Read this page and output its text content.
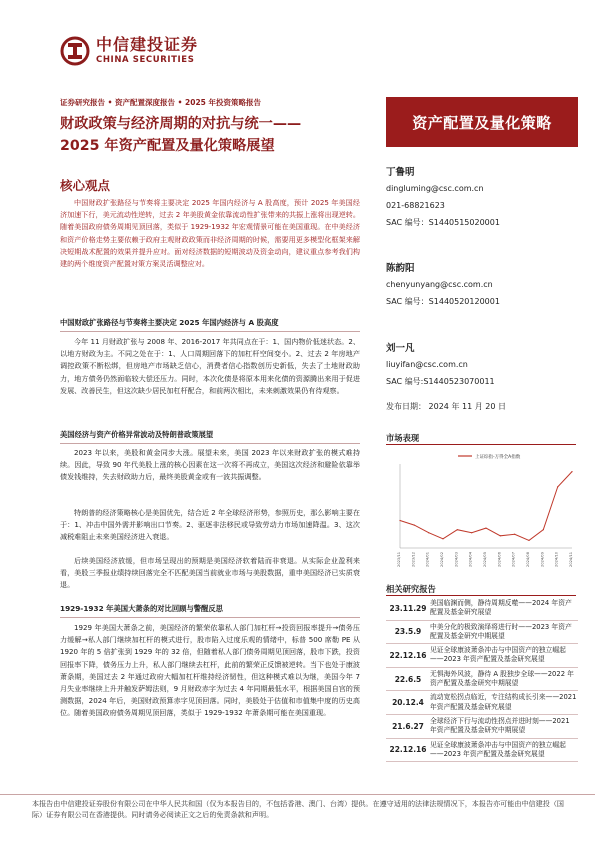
中信建投证券
CHINA SECURITIES
证券研究报告 • 资产配置深度报告 • 2025 年投资策略报告
财政政策与经济周期的对抗与统一——
2025 年资产配置及量化策略展望
资产配置及量化策略
核心观点
中国财政扩张路径与节奏将主要决定 2025 年国内经济与 A 股高度，预计 2025 年美国经济加速下行，美元流动性逆转，过去 2 年美股黄金依靠流动性扩张带来的共振上涨将出现逆转。随着美国政府债务周期见顶回落，类似于 1929-1932 年宏观情景可能在美国重现。在中美经济和资产价格走势主要依赖于政府主观财政政策而非经济周期的时候，需要用更多模型化框架来解决短期战术配置的效果并提升应对。面对经济数据的短期波动及资金动向，建议重点参考我们构建的两个维度资产配置对策方案灵活调整应对。
中国财政扩张路径与节奏将主要决定 2025 年国内经济与 A 股高度
今年 11 月财政扩张与 2008 年、2016-2017 年共同点在于：1、国内物价低迷状态。2、以地方财政为主。不同之处在于：1、人口周期回落下的加杠杆空间变小。2、过去 2 年房地产调控政策不断松绑，但房地产市场缺乏信心，消费者信心指数创历史新低，失去了土地财政助力，地方债务仍然面临较大偿还压力。同时，本次化债是将原本用来化债的资源腾出来用于促进发展、改善民生，但这次缺少居民加杠杆配合，和前两次相比，未来刺激效果仍有待观察。
美国经济与资产价格异常波动及特朗普政策展望
2023 年以来，美股和黄金同步大涨。展望未来，美国 2023 年以来财政扩张的模式难持续。因此，导致 90 年代美股上涨的核心因素在这一次将不再成立，美国这次经济和避险依靠举债发钱维持，失去财政助力后，最终美股黄金或有一波共振调整。
特朗普的经济策略核心是美国优先，结合近 2 年全球经济形势，参照历史，那么影响主要在于：1、冲击中国外需并影响出口节奏。2、驱逐非法移民或导致劳动力市场加速降温。3、这次减税难阻止未来美国经济进入衰退。
后续美国经济放缓，但市场呈现出的预期是美国经济软着陆而非衰退。从实际企业盈利来看，美股三季报业绩持续回落完全不匹配美国当前就业市场与美股数据，重申美国经济已实质衰退。
1929-1932 年美国大萧条的对比回顾与警醒反思
1929 年美国大萧条之前，美国经济的繁荣依靠私人部门加杠杆→投资回报率提升→债务压力缓解→私人部门继续加杠杆的模式进行，股市陷入过度乐观的情绪中，标普 500 席勒 PE 从 1920 年的 5 倍扩张到 1929 年的 32 倍，但随着私人部门债务周期见顶回落，股市下跌，投资回报率下降，债务压力上升，私人部门继续去杠杆，此前的繁荣正反馈被逆转。当下也处于康波萧条期，美国过去 2 年通过政府大幅加杠杆维持经济韧性，但这种模式难以为继，美国今年 7 月失业率继续上升并触发萨姆法则，9 月财政赤字为过去 4 年同期最低水平，根据美国自宫的预测数据，2024 年后，美国财政预算赤字见顶回落。同时，美股处于估值和市值集中度的历史高位。随着美国政府债务周期见顶回落，类似于 1929-1932 年萧条期可能在美国重现。
丁鲁明
dingluming@csc.com.cn
021-68821623
SAC 编号：S1440515020001
陈韵阳
chenyunyang@csc.com.cn
SAC 编号：S1440520120001
刘一凡
liuyifan@csc.com.cn
SAC 编号:S1440523070011
发布日期： 2024 年 11 月 20 日
市场表现
上证综指-万得全A指数
2023/11	2023/12	2024/01	2024/02	2024/03	2024/04	2024/05	2024/06	2024/07	2024/08	2024/09	2024/10	2024/11
相关研究报告
23.11.29
美国临渊而侧，静待周期反噬——2024 年资产配置及基金研究展望
23.5.9
中美分化的极致演绎将进行时——2023 年资产配置及基金研究中期展望
22.12.16
见证全球康波萧条冲击与中国资产的独立崛起——2023 年资产配置及基金研究展望
22.6.5
无惧海外风波，静待 A 股独步全球——2022 年资产配置及基金研究中期展望
20.12.4
流动宽松拐点临近，专注结构成长引来——2021 年资产配置及基金研究展望
21.6.27
全球经济下行与流动性拐点并进时刻——2021 年资产配置及基金研究中期展望
22.12.16
见证全球康波萧条冲击与中国资产的独立崛起——2023 年资产配置及基金研究展望
本报告由中信建投证券股份有限公司在中华人民共和国（仅为本报告目的，不包括香港、澳门、台湾）提供。在遵守适用的法律法规情况下，本报告亦可能由中信建投（国际）证券有限公司在香港提供。同时请务必阅读正文之后的免责条款和声明。
